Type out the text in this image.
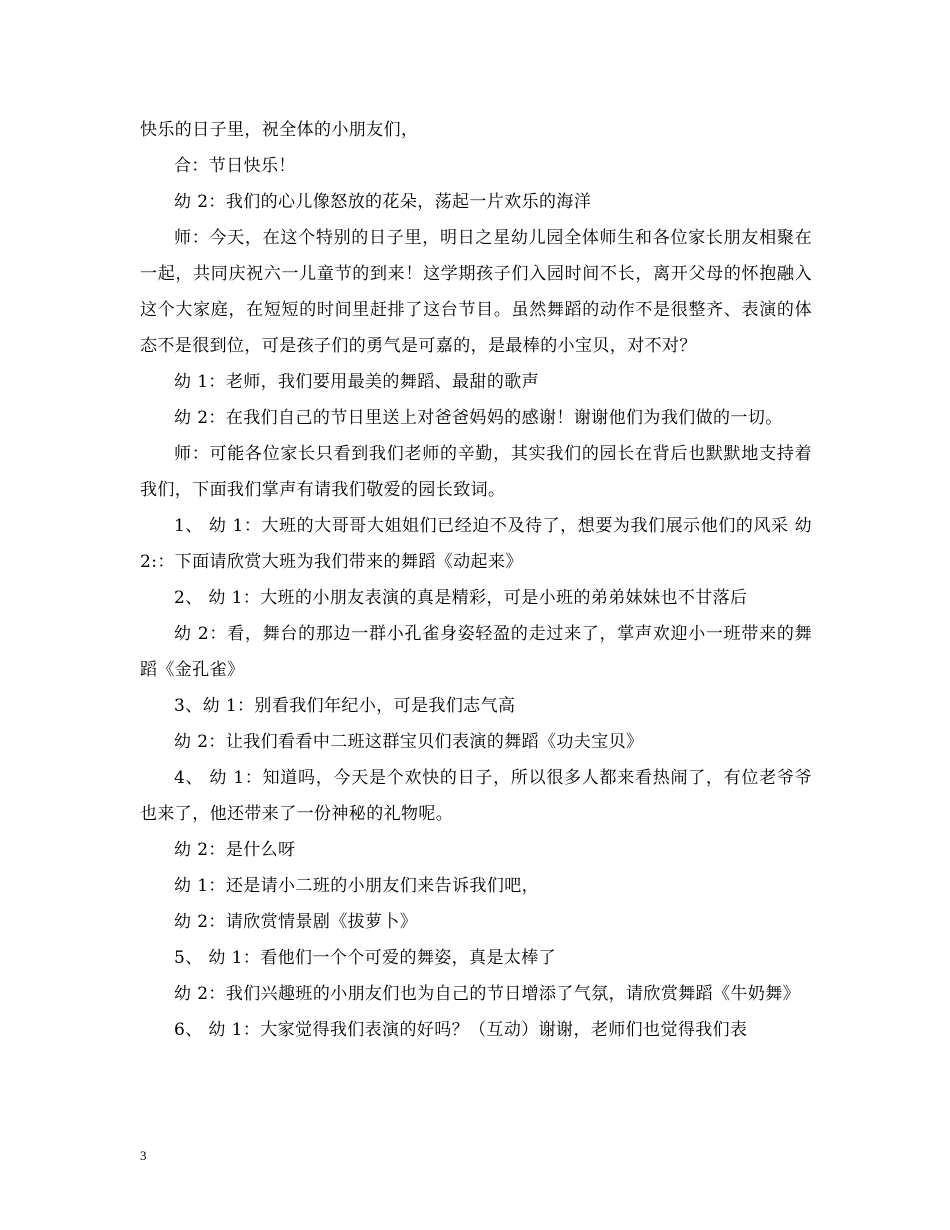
快乐的日子里，祝全体的小朋友们，

合：节日快乐！

幼 2：我们的心儿像怒放的花朵，荡起一片欢乐的海洋

师：今天，在这个特别的日子里，明日之星幼儿园全体师生和各位家长朋友相聚在一起，共同庆祝六一儿童节的到来！这学期孩子们入园时间不长，离开父母的怀抱融入这个大家庭，在短短的时间里赶排了这台节目。虽然舞蹈的动作不是很整齐、表演的体态不是很到位，可是孩子们的勇气是可嘉的，是最棒的小宝贝，对不对？

幼 1：老师，我们要用最美的舞蹈、最甜的歌声

幼 2：在我们自己的节日里送上对爸爸妈妈的感谢！谢谢他们为我们做的一切。

师：可能各位家长只看到我们老师的辛勤，其实我们的园长在背后也默默地支持着我们，下面我们掌声有请我们敬爱的园长致词。

1、 幼 1：大班的大哥哥大姐姐们已经迫不及待了，想要为我们展示他们的风采 幼 2:：下面请欣赏大班为我们带来的舞蹈《动起来》

2、 幼 1：大班的小朋友表演的真是精彩，可是小班的弟弟妹妹也不甘落后

幼 2：看，舞台的那边一群小孔雀身姿轻盈的走过来了，掌声欢迎小一班带来的舞蹈《金孔雀》

3、幼 1：别看我们年纪小，可是我们志气高

幼 2：让我们看看中二班这群宝贝们表演的舞蹈《功夫宝贝》

4、 幼 1：知道吗，今天是个欢快的日子，所以很多人都来看热闹了，有位老爷爷也来了，他还带来了一份神秘的礼物呢。

幼 2：是什么呀

幼 1：还是请小二班的小朋友们来告诉我们吧，

幼 2：请欣赏情景剧《拔萝卜》

5、 幼 1：看他们一个个可爱的舞姿，真是太棒了

幼 2：我们兴趣班的小朋友们也为自己的节日增添了气氛，请欣赏舞蹈《牛奶舞》

6、 幼 1：大家觉得我们表演的好吗？（互动）谢谢，老师们也觉得我们表

3
